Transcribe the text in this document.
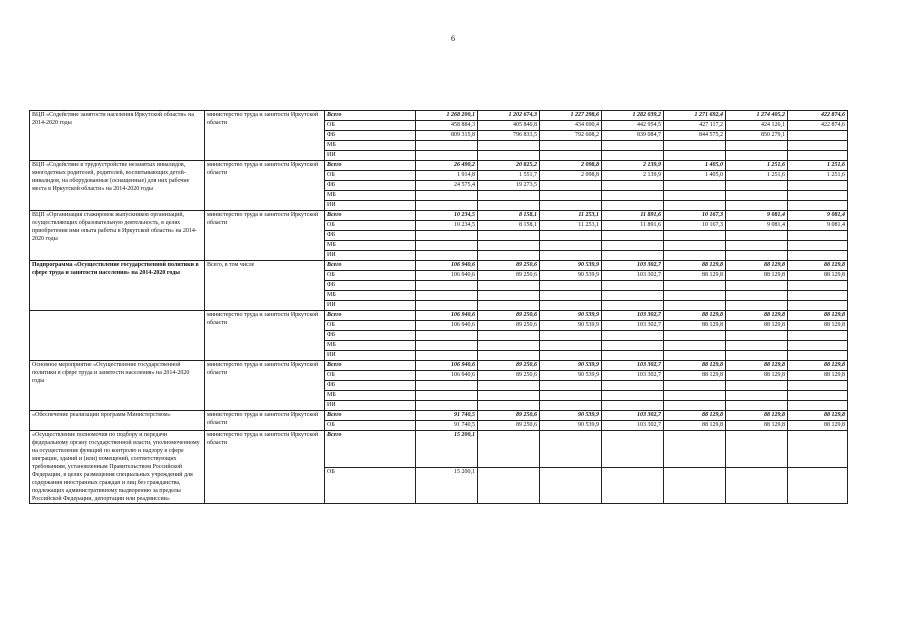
6
ВЦП «Содействие занятости населения Иркутской области» на 2014-2020 годы	министерство труда и занятости Иркутской области	Всего	1 268 200,1	1 202 674,3	1 227 298,6	1 282 039,2	1 271 692,4	1 274 405,2	422 874,6
		ОБ	458 884,3	405 840,8	434 690,4	442 954,5	427 117,2	424 126,1	422 874,6
		ФБ	809 315,8	796 833,5	792 608,2	839 084,7	844 575,2	850 279,1	
		МБ							
		ИИ							
ВЦП «Содействие в трудоустройстве незанятых инвалидов, многодетных родителей, родителей, воспитывающих детей-инвалидов, на оборудованные (оснащенные) для них рабочие места в Иркутской области» на 2014-2020 годы	министерство труда и занятости Иркутской области	Всего	26 490,2	20 825,2	2 098,8	2 139,9	1 405,0	1 251,6	1 251,6
		ОБ	1 914,8	1 551,7	2 098,8	2 139,9	1 405,0	1 251,6	1 251,6
		ФБ	24 575,4	19 273,5					
		МБ							
		ИИ							
ВЦП «Организация стажировок выпускников организаций, осуществляющих образовательную деятельность, в целях приобретения ими опыта работы в Иркутской области» на 2014-2020 годы	министерство труда и занятости Иркутской области	Всего	10 234,5	8 158,1	11 253,1	11 891,6	10 167,3	9 081,4	9 081,4
		ОБ	10 234,5	8 158,1	11 253,1	11 891,6	10 167,3	9 081,4	9 081,4
		ФБ							
		МБ							
		ИИ							
Подпрограмма «Осуществление государственной политики в сфере труда и занятости населения» на 2014-2020 годы	Всего, в том числе	Всего	106 940,6	89 250,6	90 539,9	103 302,7	88 129,8	88 129,8	88 129,8
		ОБ	106 940,6	89 250,6	90 539,9	103 302,7	88 129,8	88 129,8	88 129,8
		ФБ							
		МБ							
		ИИ							
	министерство труда и занятости Иркутской области	Всего	106 940,6	89 250,6	90 539,9	103 302,7	88 129,8	88 129,8	88 129,8
		ОБ	106 940,6	89 250,6	90 539,9	103 302,7	88 129,8	88 129,8	88 129,8
		ФБ							
		МБ							
		ИИ							
Основное мероприятие «Осуществление государственной политики в сфере труда и занятости населения» на 2014-2020 годы	министерство труда и занятости Иркутской области	Всего	106 940,6	89 250,6	90 539,9	103 302,7	88 129,8	88 129,8	88 129,8
		ОБ	106 940,6	89 250,6	90 539,9	103 302,7	88 129,8	88 129,8	88 129,8
		ФБ							
		МБ							
		ИИ							
«Обеспечение реализации программ Министерством»	министерство труда и занятости Иркутской области	Всего	91 740,5	89 250,6	90 539,9	103 302,7	88 129,8	88 129,8	88 129,8
		ОБ	91 740,5	89 250,6	90 539,9	103 302,7	88 129,8	88 129,8	88 129,8
«Осуществление полномочия по подбору и передачи федеральному органу государственной власти, уполномоченному на осуществление функций по контролю и надзору в сфере миграции, зданий и (или) помещений, соответствующих требованиям, установленным Правительством Российской Федерации, в целях размещения специальных учреждений для содержания иностранных граждан и лиц без гражданства, подлежащих административному выдворению за пределы Российской Федерации, депортации или реадмиссии»	министерство труда и занятости Иркутской области	Всего	15 200,1						
		ОБ	15 200,1						
